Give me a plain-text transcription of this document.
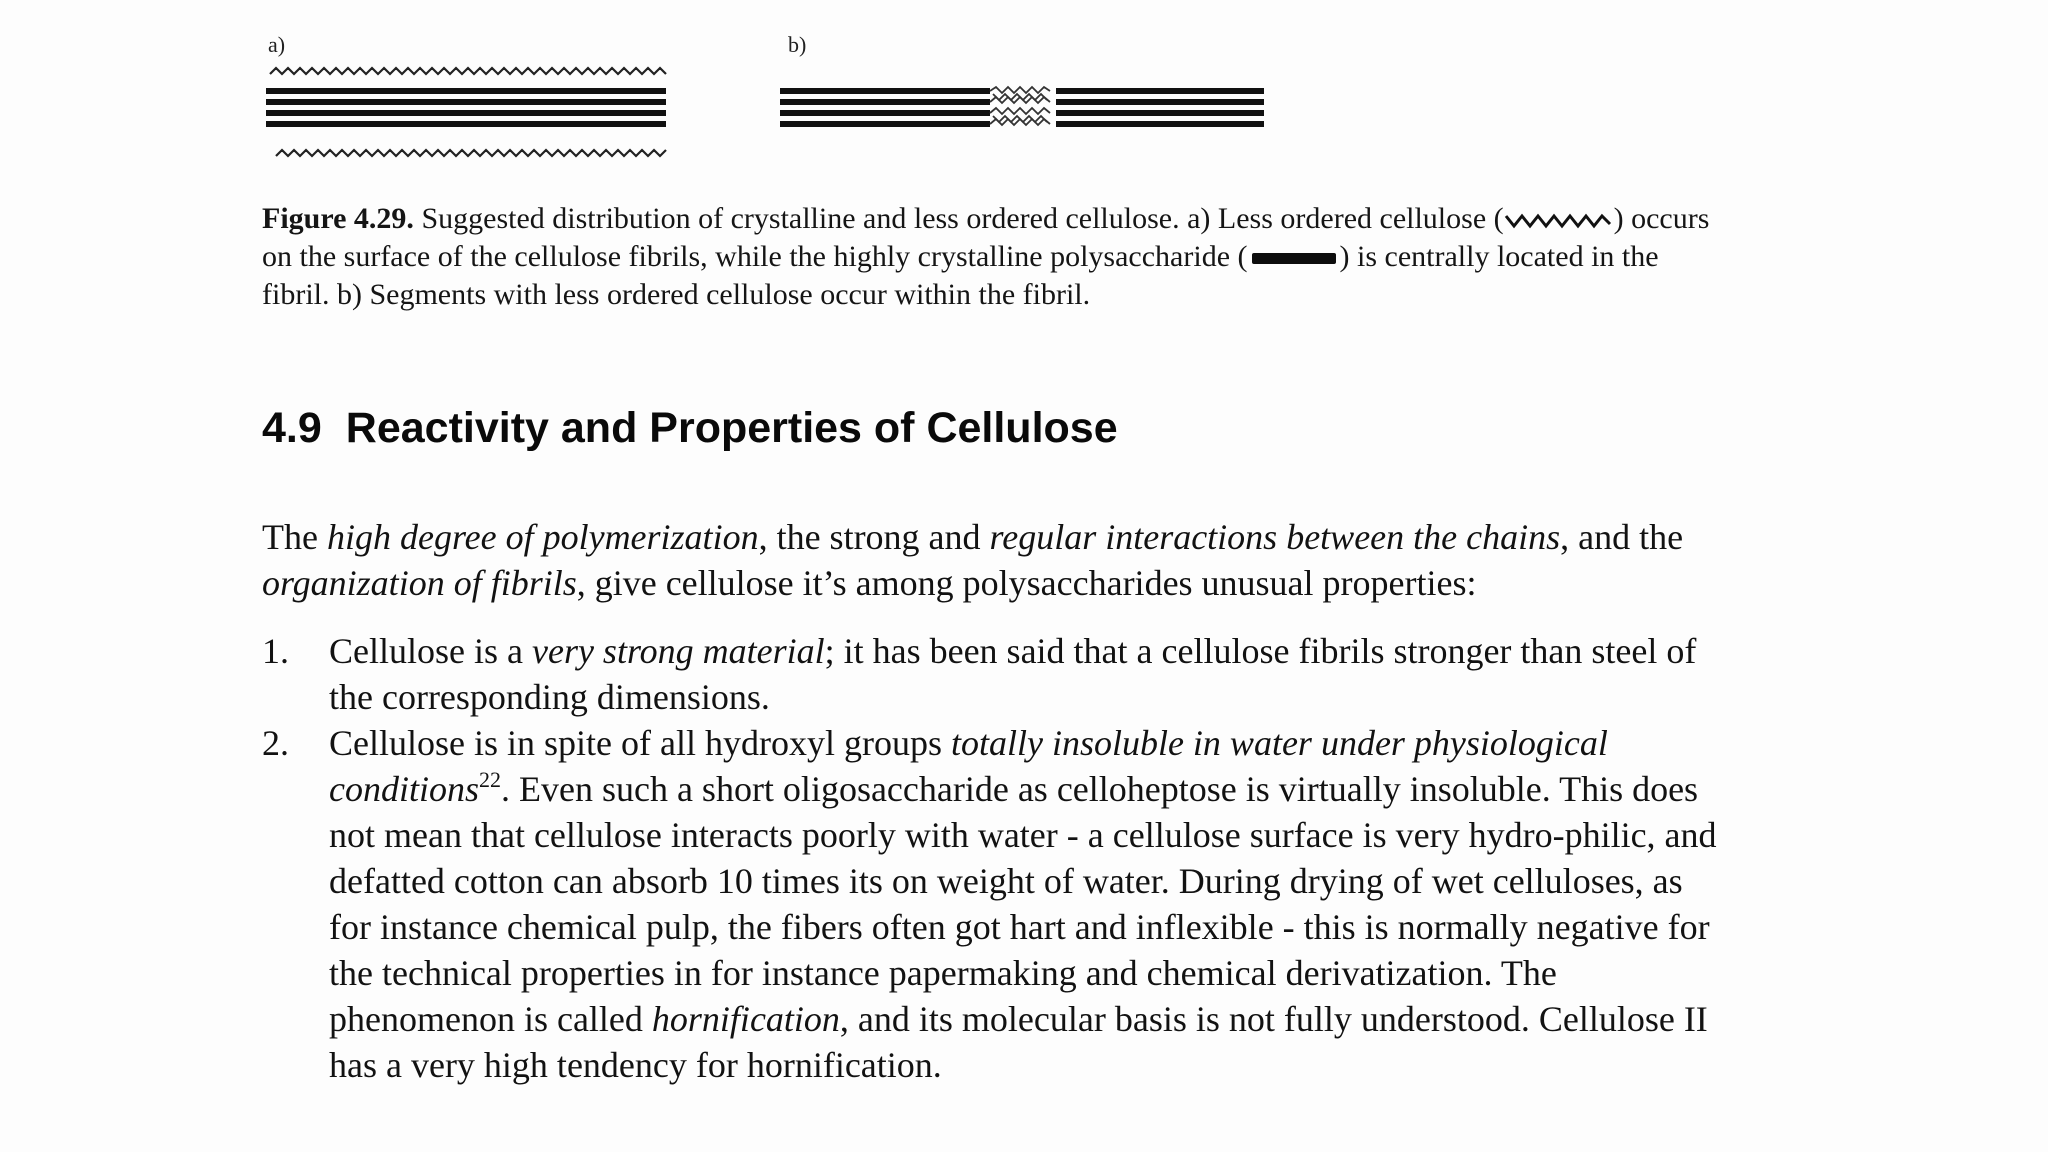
a)	b)
Figure 4.29. Suggested distribution of crystalline and less ordered cellulose. a) Less ordered cellulose (	) occurs on the surface of the cellulose fibrils, while the highly crystalline polysaccharide (	) is centrally located in the fibril. b) Segments with less ordered cellulose occur within the fibril.
4.9 Reactivity and Properties of Cellulose
The high degree of polymerization, the strong and regular interactions between the chains, and the organization of fibrils, give cellulose it’s among polysaccharides unusual properties:
1. Cellulose is a very strong material; it has been said that a cellulose fibrils stronger than steel of the corresponding dimensions.
2. Cellulose is in spite of all hydroxyl groups totally insoluble in water under physiological conditions$^{22}$. Even such a short oligosaccharide as celloheptose is virtually insoluble. This does not mean that cellulose interacts poorly with water - a cellulose surface is very hydro-philic, and defatted cotton can absorb 10 times its on weight of water. During drying of wet celluloses, as for instance chemical pulp, the fibers often got hart and inflexible - this is normally negative for the technical properties in for instance papermaking and chemical derivatization. The phenomenon is called hornification, and its molecular basis is not fully understood. Cellulose II has a very high tendency for hornification.
